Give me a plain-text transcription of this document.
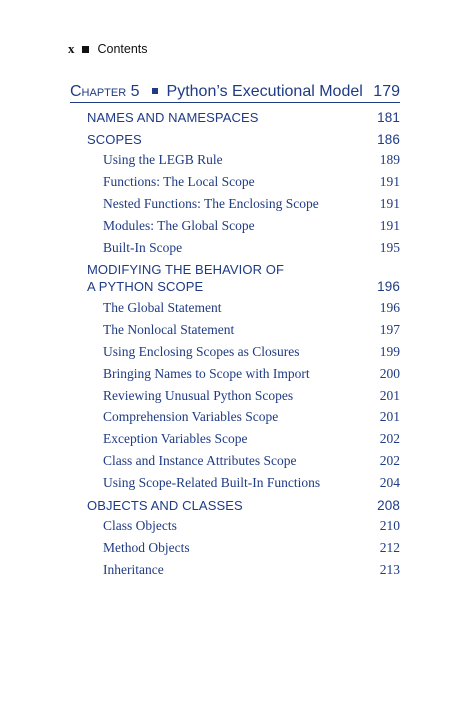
x Contents
Chapter 5 Python’s Executional Model 179
NAMES AND NAMESPACES	181
SCOPES	186
Using the LEGB Rule	189
Functions: The Local Scope	191
Nested Functions: The Enclosing Scope	191
Modules: The Global Scope	191
Built-In Scope	195
MODIFYING THE BEHAVIOR OF
A PYTHON SCOPE	196
The Global Statement	196
The Nonlocal Statement	197
Using Enclosing Scopes as Closures	199
Bringing Names to Scope with Import	200
Reviewing Unusual Python Scopes	201
Comprehension Variables Scope	201
Exception Variables Scope	202
Class and Instance Attributes Scope	202
Using Scope-Related Built-In Functions	204
OBJECTS AND CLASSES	208
Class Objects	210
Method Objects	212
Inheritance	213
